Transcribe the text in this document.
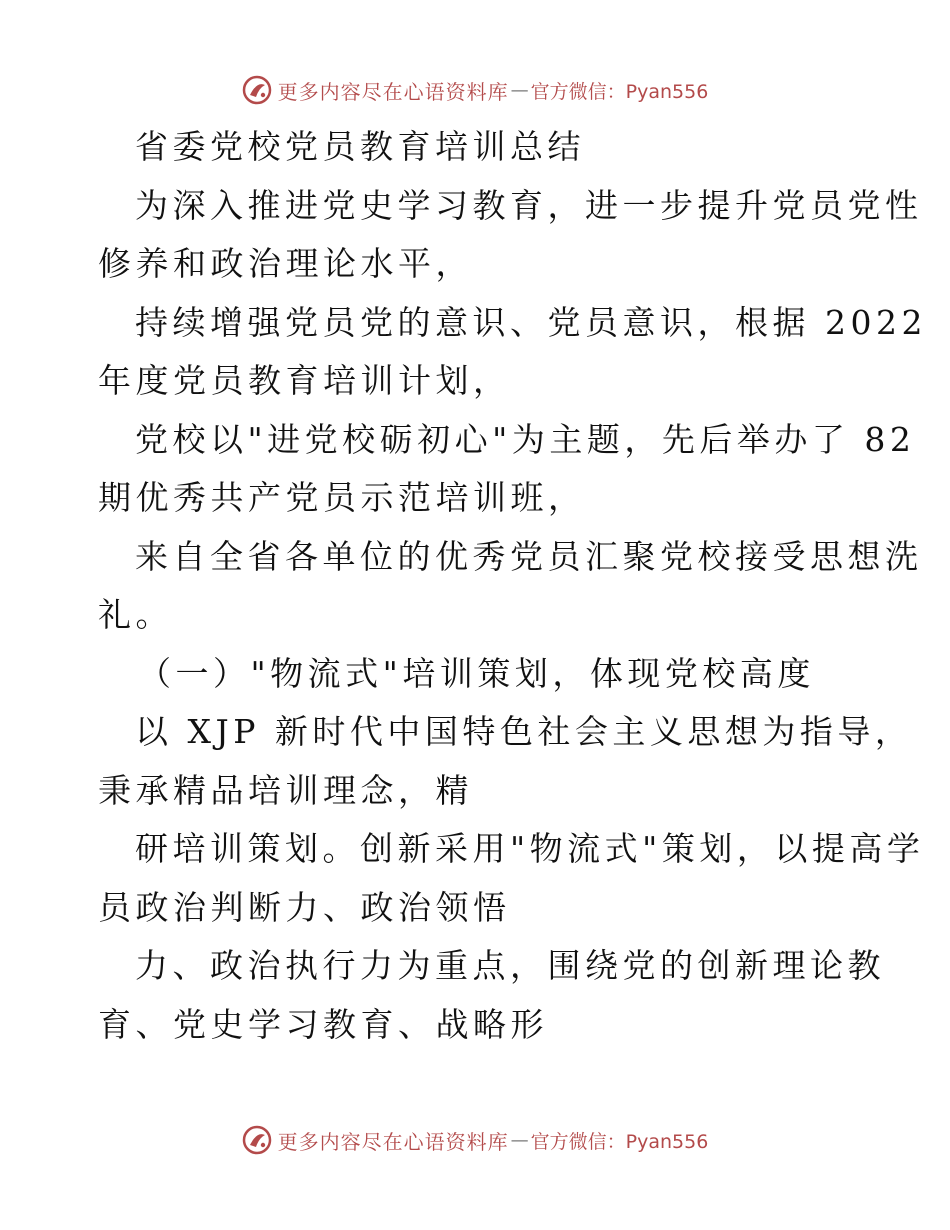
更多内容尽在心语资料库 — 官方微信：Pyan556
省委党校党员教育培训总结
为深入推进党史学习教育，进一步提升党员党性
修养和政治理论水平，
持续增强党员党的意识、党员意识，根据 2022
年度党员教育培训计划，
党校以"进党校砺初心"为主题，先后举办了 82
期优秀共产党员示范培训班，
来自全省各单位的优秀党员汇聚党校接受思想洗
礼。
（一）"物流式"培训策划，体现党校高度
以 XJP 新时代中国特色社会主义思想为指导，
秉承精品培训理念，精
研培训策划。创新采用"物流式"策划，以提高学
员政治判断力、政治领悟
力、政治执行力为重点，围绕党的创新理论教
育、党史学习教育、战略形
更多内容尽在心语资料库 — 官方微信：Pyan556
